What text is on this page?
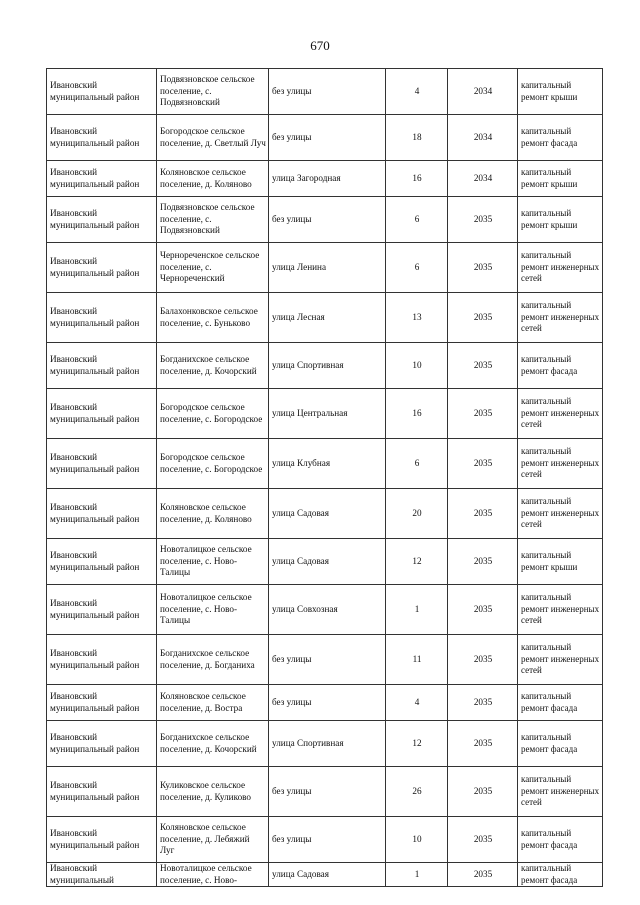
670
Ивановский муниципальный район	Подвязновское сельское поселение, с. Подвязновский	без улицы	4	2034	капитальный ремонт крыши
Ивановский муниципальный район	Богородское сельское поселение, д. Светлый Луч	без улицы	18	2034	капитальный ремонт фасада
Ивановский муниципальный район	Коляновское сельское поселение, д. Коляново	улица Загородная	16	2034	капитальный ремонт крыши
Ивановский муниципальный район	Подвязновское сельское поселение, с. Подвязновский	без улицы	6	2035	капитальный ремонт крыши
Ивановский муниципальный район	Чернореченское сельское поселение, с. Чернореченский	улица Ленина	6	2035	капитальный ремонт инженерных сетей
Ивановский муниципальный район	Балахонковское сельское поселение, с. Буньково	улица Лесная	13	2035	капитальный ремонт инженерных сетей
Ивановский муниципальный район	Богданихское сельское поселение, д. Кочорский	улица Спортивная	10	2035	капитальный ремонт фасада
Ивановский муниципальный район	Богородское сельское поселение, с. Богородское	улица Центральная	16	2035	капитальный ремонт инженерных сетей
Ивановский муниципальный район	Богородское сельское поселение, с. Богородское	улица Клубная	6	2035	капитальный ремонт инженерных сетей
Ивановский муниципальный район	Коляновское сельское поселение, д. Коляново	улица Садовая	20	2035	капитальный ремонт инженерных сетей
Ивановский муниципальный район	Новоталицкое сельское поселение, с. Ново-Талицы	улица Садовая	12	2035	капитальный ремонт крыши
Ивановский муниципальный район	Новоталицкое сельское поселение, с. Ново-Талицы	улица Совхозная	1	2035	капитальный ремонт инженерных сетей
Ивановский муниципальный район	Богданихское сельское поселение, д. Богданиха	без улицы	11	2035	капитальный ремонт инженерных сетей
Ивановский муниципальный район	Коляновское сельское поселение, д. Востра	без улицы	4	2035	капитальный ремонт фасада
Ивановский муниципальный район	Богданихское сельское поселение, д. Кочорский	улица Спортивная	12	2035	капитальный ремонт фасада
Ивановский муниципальный район	Куликовское сельское поселение, д. Куликово	без улицы	26	2035	капитальный ремонт инженерных сетей
Ивановский муниципальный район	Коляновское сельское поселение, д. Лебяжий Луг	без улицы	10	2035	капитальный ремонт фасада
Ивановский муниципальный	Новоталицкое сельское поселение, с. Ново-	улица Садовая	1	2035	капитальный ремонт фасада
